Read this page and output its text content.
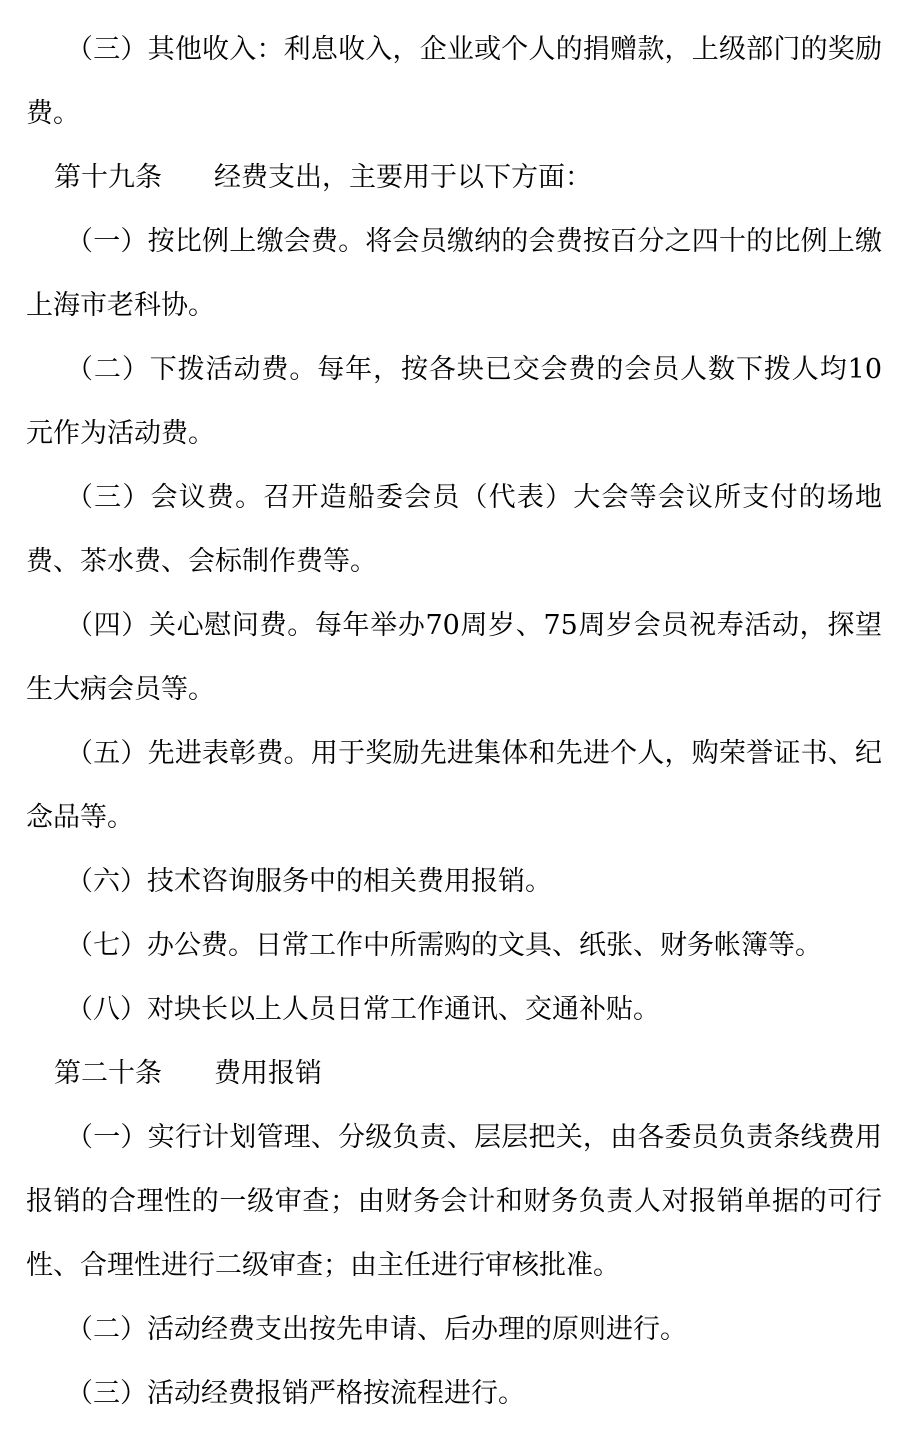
（三）其他收入：利息收入，企业或个人的捐赠款，上级部门的奖励费。

第十九条 经费支出，主要用于以下方面：

（一）按比例上缴会费。将会员缴纳的会费按百分之四十的比例上缴上海市老科协。

（二）下拨活动费。每年，按各块已交会费的会员人数下拨人均10元作为活动费。

（三）会议费。召开造船委会员（代表）大会等会议所支付的场地费、茶水费、会标制作费等。

（四）关心慰问费。每年举办70周岁、75周岁会员祝寿活动，探望生大病会员等。

（五）先进表彰费。用于奖励先进集体和先进个人，购荣誉证书、纪念品等。

（六）技术咨询服务中的相关费用报销。

（七）办公费。日常工作中所需购的文具、纸张、财务帐簿等。

（八）对块长以上人员日常工作通讯、交通补贴。

第二十条 费用报销

（一）实行计划管理、分级负责、层层把关，由各委员负责条线费用报销的合理性的一级审查；由财务会计和财务负责人对报销单据的可行性、合理性进行二级审查；由主任进行审核批准。

（二）活动经费支出按先申请、后办理的原则进行。

（三）活动经费报销严格按流程进行。
